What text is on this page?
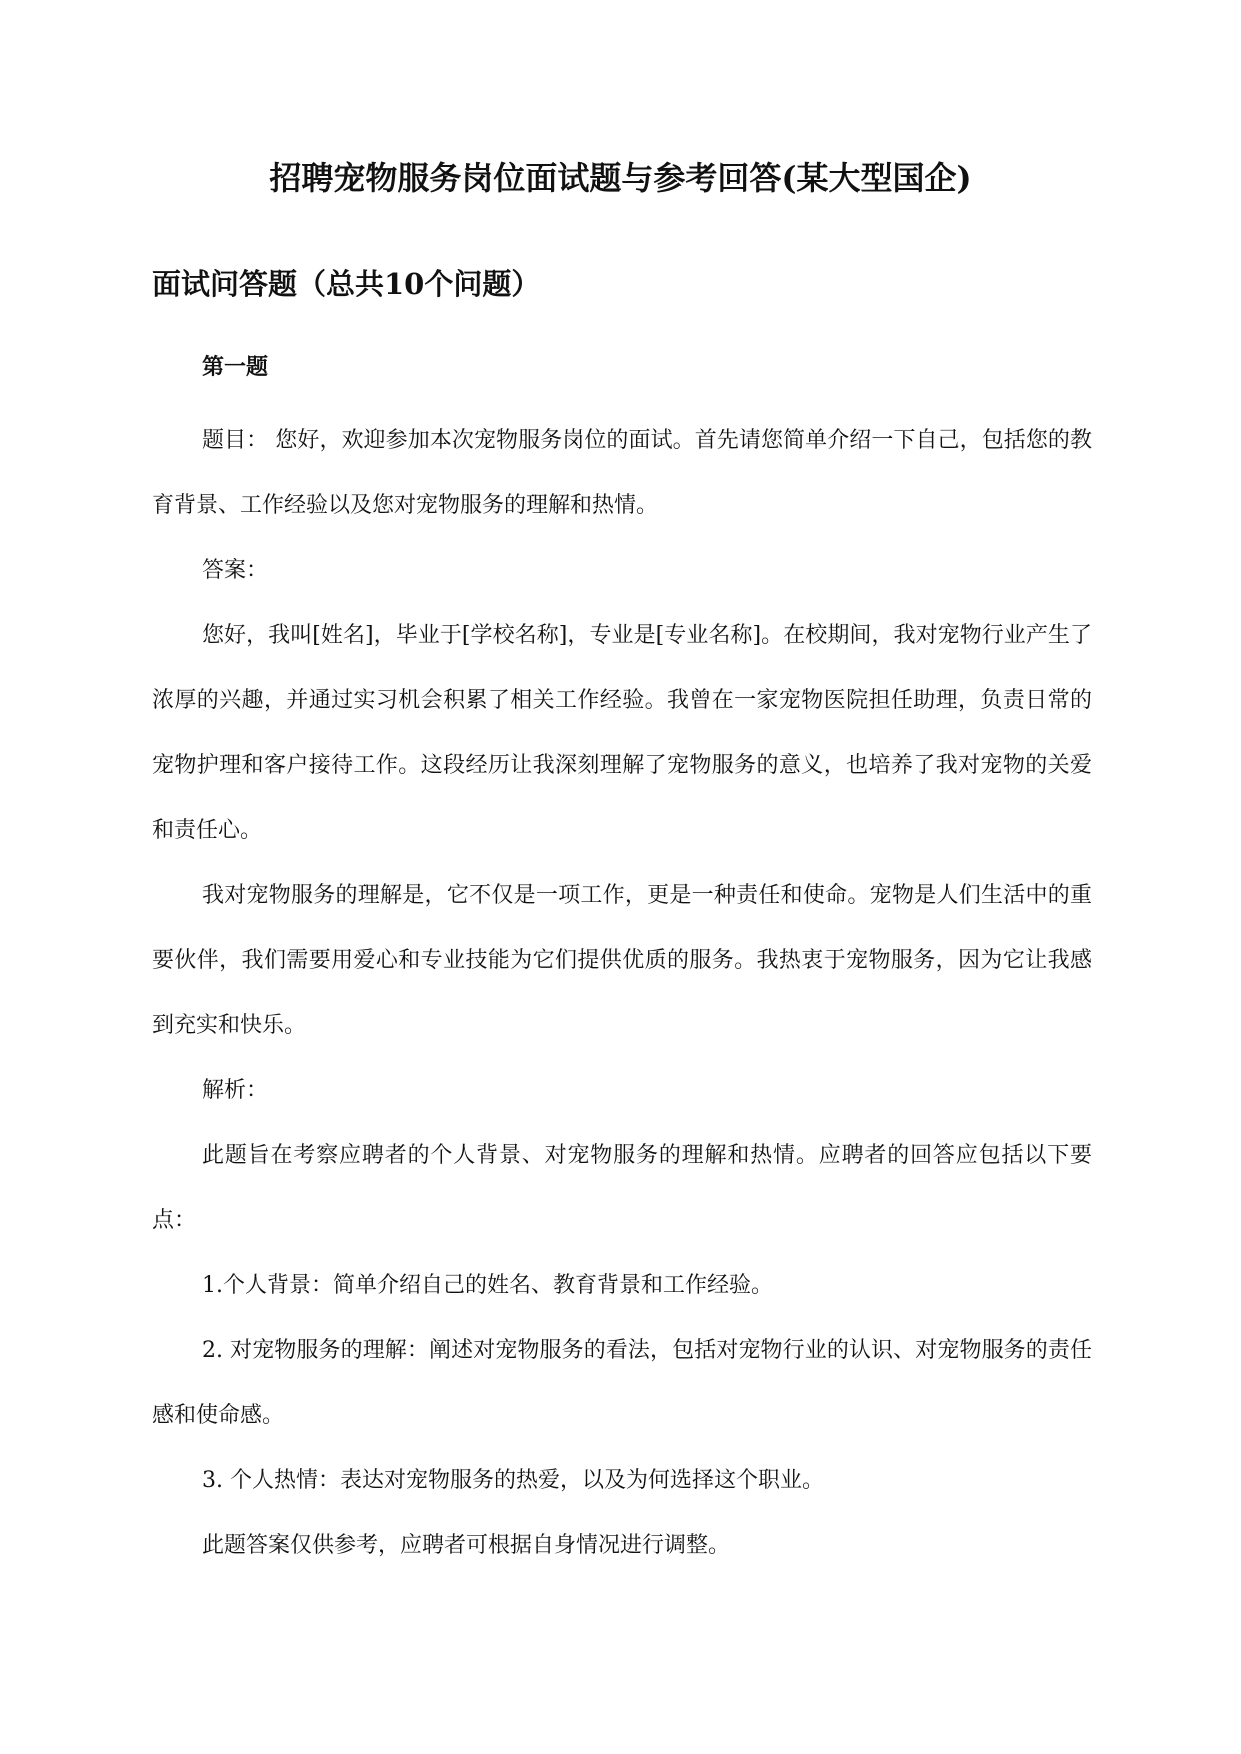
招聘宠物服务岗位面试题与参考回答(某大型国企)
面试问答题（总共10个问题）
第一题

题目： 您好，欢迎参加本次宠物服务岗位的面试。首先请您简单介绍一下自己，包括您的教育背景、工作经验以及您对宠物服务的理解和热情。

答案：

您好，我叫[姓名]，毕业于[学校名称]，专业是[专业名称]。在校期间，我对宠物行业产生了浓厚的兴趣，并通过实习机会积累了相关工作经验。我曾在一家宠物医院担任助理，负责日常的宠物护理和客户接待工作。这段经历让我深刻理解了宠物服务的意义，也培养了我对宠物的关爱和责任心。

我对宠物服务的理解是，它不仅是一项工作，更是一种责任和使命。宠物是人们生活中的重要伙伴，我们需要用爱心和专业技能为它们提供优质的服务。我热衷于宠物服务，因为它让我感到充实和快乐。

解析：

此题旨在考察应聘者的个人背景、对宠物服务的理解和热情。应聘者的回答应包括以下要点：

1.个人背景：简单介绍自己的姓名、教育背景和工作经验。

2. 对宠物服务的理解：阐述对宠物服务的看法，包括对宠物行业的认识、对宠物服务的责任感和使命感。

3. 个人热情：表达对宠物服务的热爱，以及为何选择这个职业。

此题答案仅供参考，应聘者可根据自身情况进行调整。
